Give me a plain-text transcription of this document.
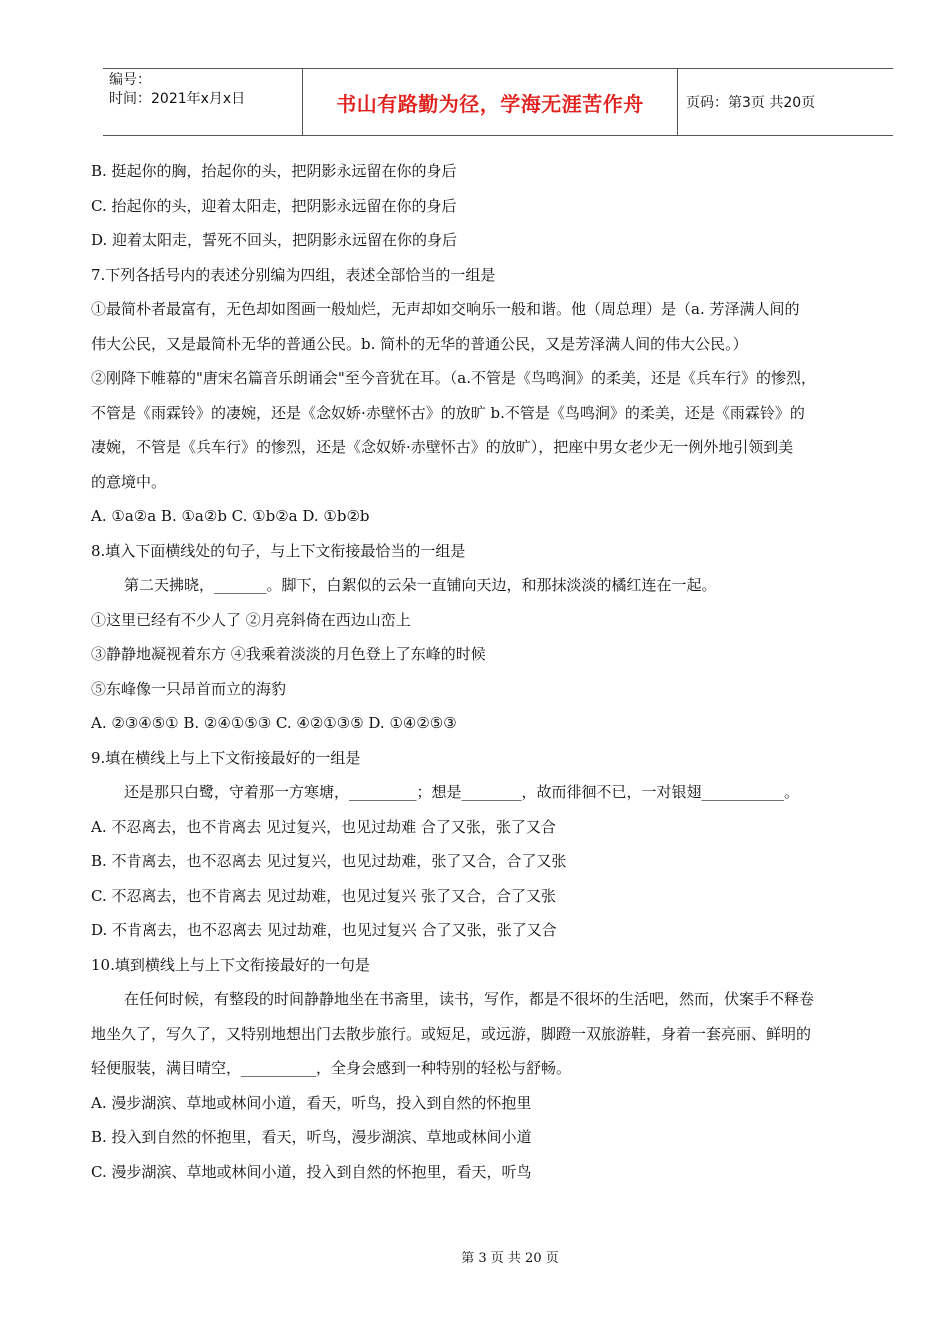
编号：
时间：2021年x月x日	书山有路勤为径，学海无涯苦作舟	页码：第3页 共20页
B. 挺起你的胸，抬起你的头，把阴影永远留在你的身后
C. 抬起你的头，迎着太阳走，把阴影永远留在你的身后
D. 迎着太阳走，誓死不回头，把阴影永远留在你的身后
7.下列各括号内的表述分别编为四组，表述全部恰当的一组是
①最简朴者最富有，无色却如图画一般灿烂，无声却如交响乐一般和谐。他（周总理）是（a. 芳泽满人间的
伟大公民，又是最简朴无华的普通公民。b. 简朴的无华的普通公民，又是芳泽满人间的伟大公民。）
②刚降下帷幕的"唐宋名篇音乐朗诵会"至今音犹在耳。（a.不管是《鸟鸣涧》的柔美，还是《兵车行》的惨烈，
不管是《雨霖铃》的凄婉，还是《念奴娇·赤壁怀古》的放旷 b.不管是《鸟鸣涧》的柔美，还是《雨霖铃》的
凄婉，不管是《兵车行》的惨烈，还是《念奴娇·赤壁怀古》的放旷），把座中男女老少无一例外地引领到美
的意境中。
A. ①a②a B. ①a②b C. ①b②a D. ①b②b
8.填入下面横线处的句子，与上下文衔接最恰当的一组是
第二天拂晓，_______。脚下，白絮似的云朵一直铺向天边，和那抹淡淡的橘红连在一起。
①这里已经有不少人了 ②月亮斜倚在西边山峦上
③静静地凝视着东方 ④我乘着淡淡的月色登上了东峰的时候
⑤东峰像一只昂首而立的海豹
A. ②③④⑤① B. ②④①⑤③ C. ④②①③⑤ D. ①④②⑤③
9.填在横线上与上下文衔接最好的一组是
还是那只白鹭，守着那一方寒塘，_________；想是________，故而徘徊不已，一对银翅___________。
A. 不忍离去，也不肯离去 见过复兴，也见过劫难 合了又张，张了又合
B. 不肯离去，也不忍离去 见过复兴，也见过劫难，张了又合，合了又张
C. 不忍离去，也不肯离去 见过劫难，也见过复兴 张了又合，合了又张
D. 不肯离去，也不忍离去 见过劫难，也见过复兴 合了又张，张了又合
10.填到横线上与上下文衔接最好的一句是
在任何时候，有整段的时间静静地坐在书斋里，读书，写作，都是不很坏的生活吧，然而，伏案手不释卷
地坐久了，写久了，又特别地想出门去散步旅行。或短足，或远游，脚蹬一双旅游鞋，身着一套亮丽、鲜明的
轻便服装，满目晴空，__________，全身会感到一种特别的轻松与舒畅。
A. 漫步湖滨、草地或林间小道，看天，听鸟，投入到自然的怀抱里
B. 投入到自然的怀抱里，看天，听鸟，漫步湖滨、草地或林间小道
C. 漫步湖滨、草地或林间小道，投入到自然的怀抱里，看天，听鸟
第 3 页 共 20 页
